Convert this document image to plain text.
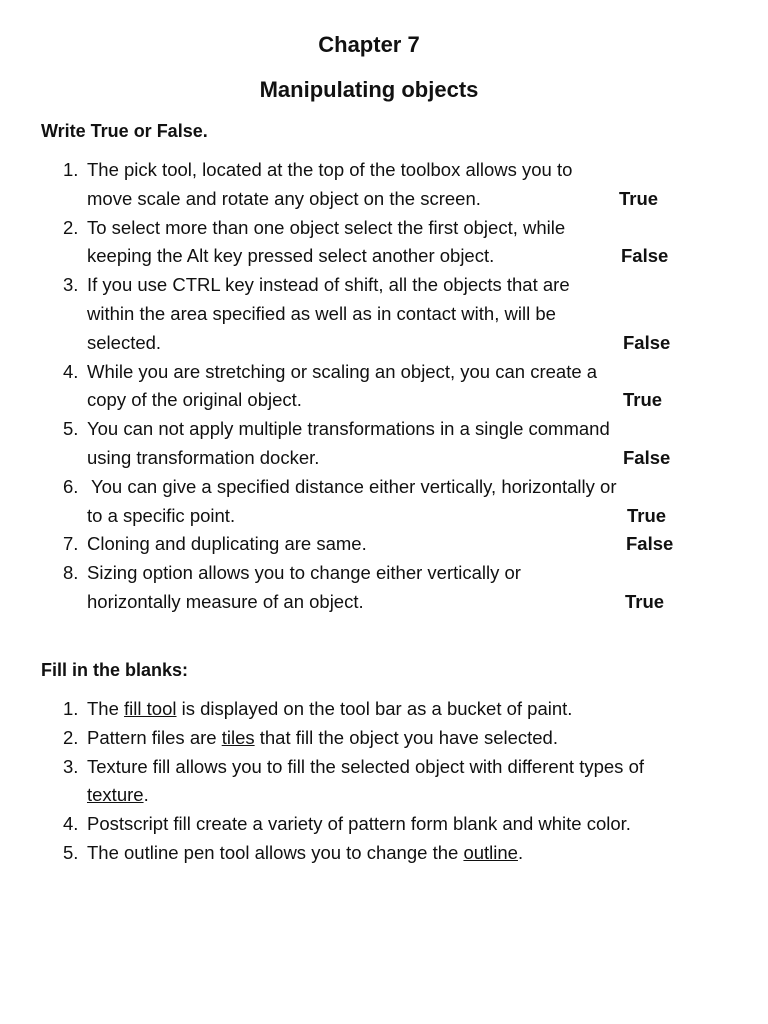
Chapter 7
Manipulating objects
Write True or False.
1. The pick tool, located at the top of the toolbox allows you to
move scale and rotate any object on the screen.	True
2. To select more than one object select the first object, while
keeping the Alt key pressed select another object.	False
3. If you use CTRL key instead of shift, all the objects that are
within the area specified as well as in contact with, will be
selected.	False
4. While you are stretching or scaling an object, you can create a
copy of the original object.	True
5. You can not apply multiple transformations in a single command
using transformation docker.	False
6. You can give a specified distance either vertically, horizontally or
to a specific point.	True
7. Cloning and duplicating are same.	False
8. Sizing option allows you to change either vertically or
horizontally measure of an object.	True
Fill in the blanks:
1. The fill tool is displayed on the tool bar as a bucket of paint.
2. Pattern files are tiles that fill the object you have selected.
3. Texture fill allows you to fill the selected object with different types of texture.
4. Postscript fill create a variety of pattern form blank and white color.
5. The outline pen tool allows you to change the outline.
